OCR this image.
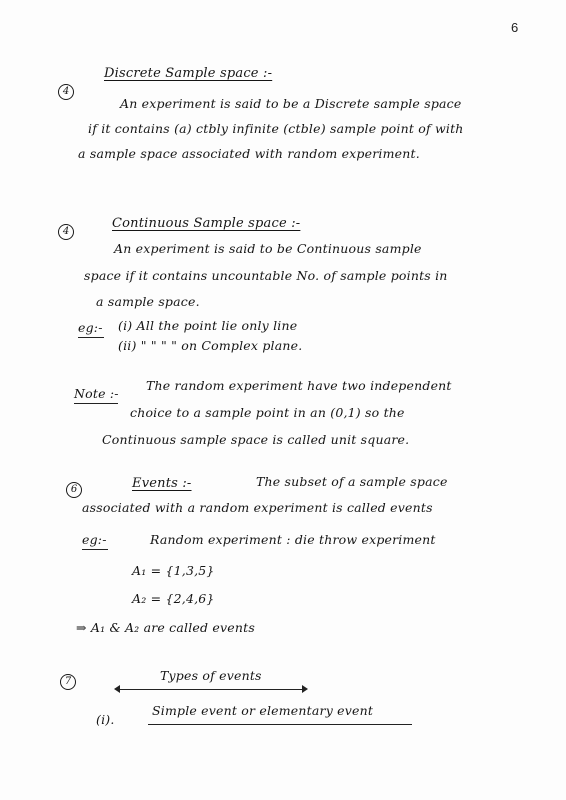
6
4
Discrete Sample space :-
An experiment is said to be a Discrete sample space
if it contains (a) ctbly infinite (ctble) sample point of with
a sample space associated with random experiment.
4
Continuous Sample space :-
An experiment is said to be Continuous sample
space if it contains uncountable No. of sample points in
a sample space.
eg:- (i) All the point lie only line
(ii) " " " " on Complex plane.
Note :-
The random experiment have two independent
choice to a sample point in an (0,1) so the
Continuous sample space is called unit square.
6	Events :-	The subset of a sample space
associated with a random experiment is called events
eg:-	Random experiment : die throw experiment
A₁ = {1,3,5}
A₂ = {2,4,6}
⇒ A₁ & A₂ are called events
7	Types of events
(i).
Simple event or elementary event
